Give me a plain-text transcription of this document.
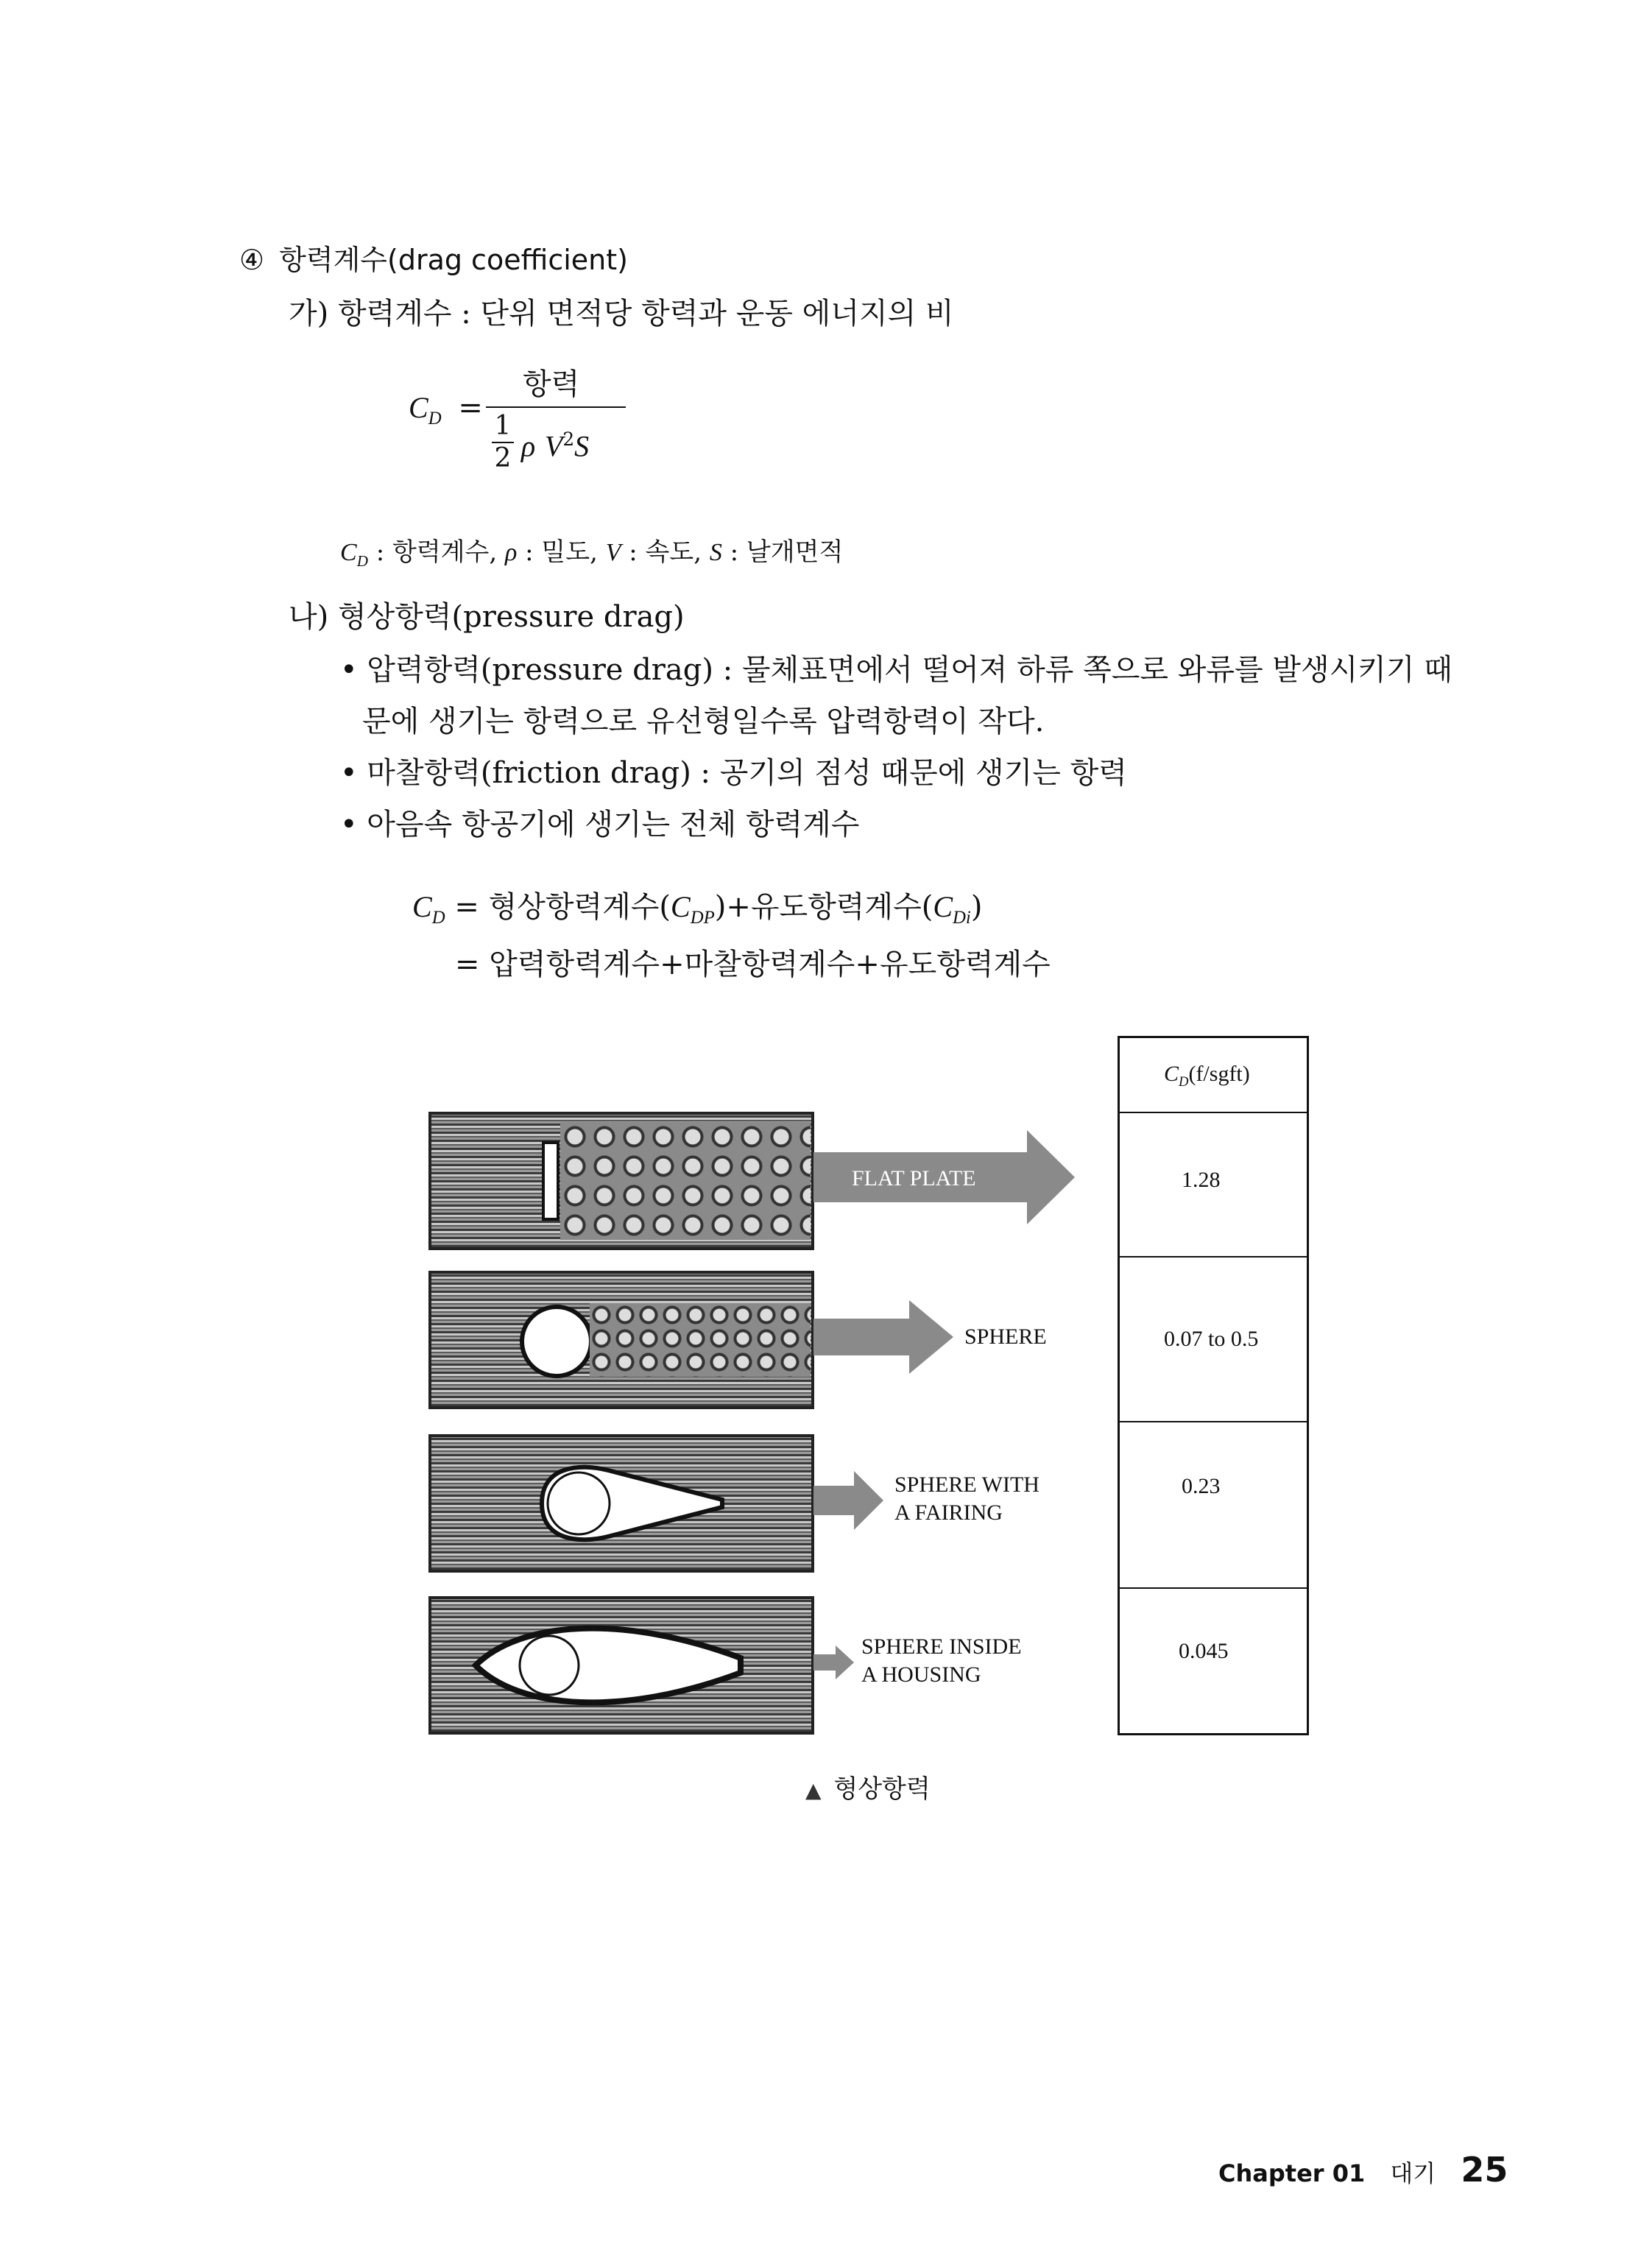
④ 항력계수(drag coefficient)
가) 항력계수 : 단위 면적당 항력과 운동 에너지의 비
$C_D$ =
항력
1
2 ρ $V^2S$
$C_D$ : 항력계수, ρ : 밀도, V : 속도, S : 날개면적
나) 형상항력(pressure drag)
• 압력항력(pressure drag) : 물체표면에서 떨어져 하류 쪽으로 와류를 발생시키기 때
문에 생기는 항력으로 유선형일수록 압력항력이 작다.
• 마찰항력(friction drag) : 공기의 점성 때문에 생기는 항력
• 아음속 항공기에 생기는 전체 항력계수
$C_D$ = 형상항력계수$(C_{DP})+$유도항력계수$(C_{Di})$
= 압력항력계수+마찰항력계수+유도항력계수
FLAT PLATE
SPHERE
SPHERE WITH
A FAIRING
SPHERE INSIDE
A HOUSING
$C_D(f/sgft)$
1.28
0.07 to 0.5
0.23
0.045
▲ 형상항력
Chapter 01 대기 25
